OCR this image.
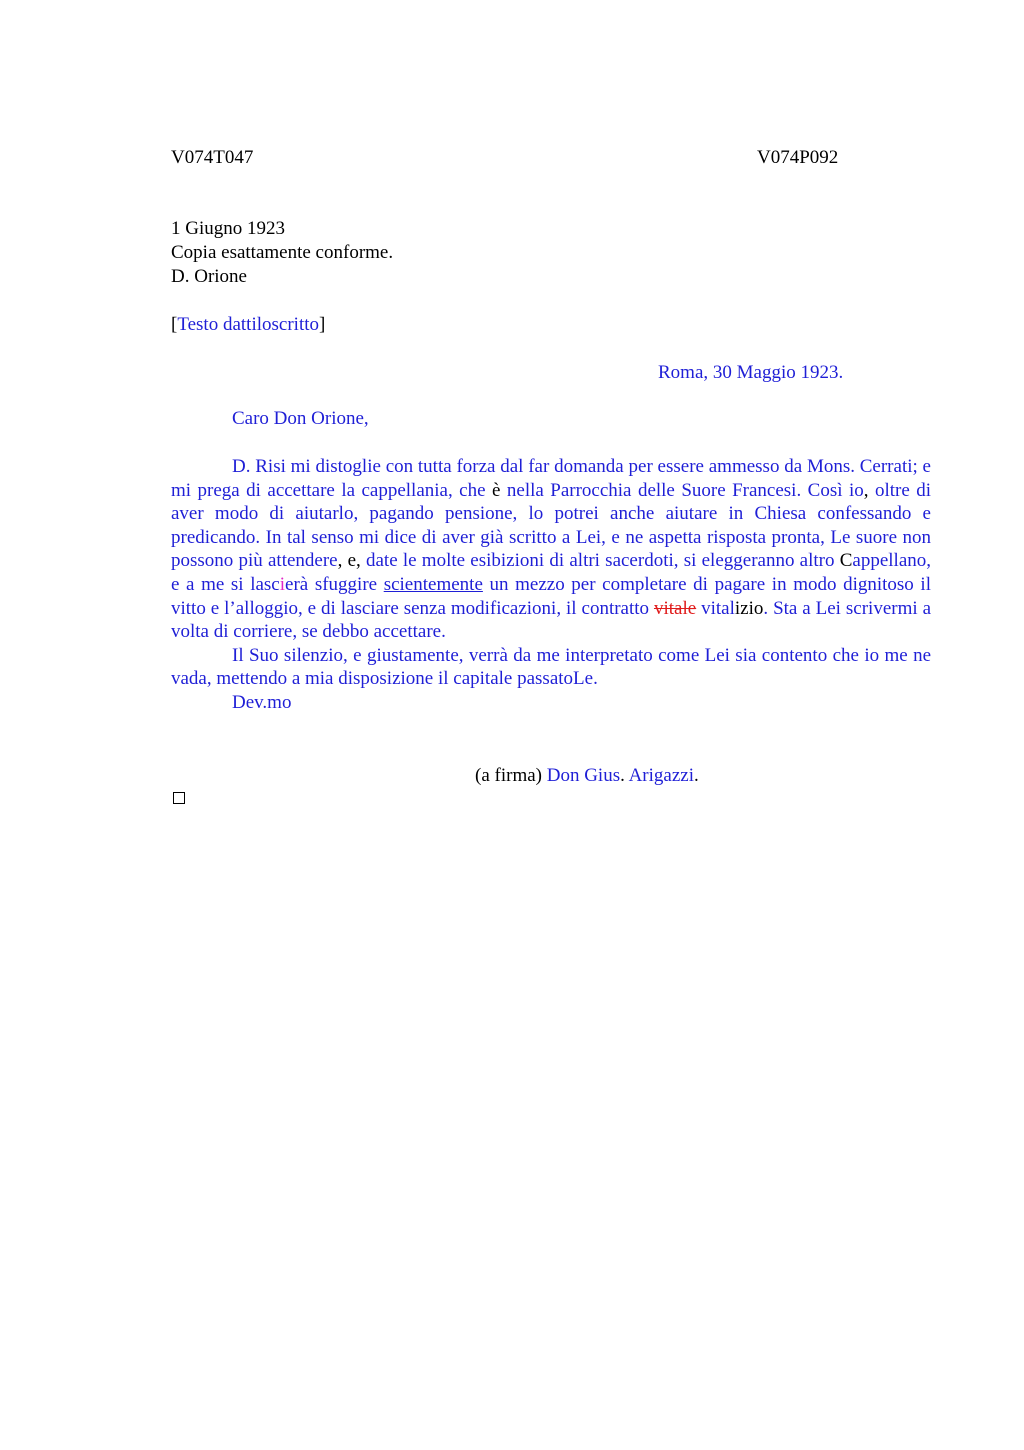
V074T047	V074P092
1 Giugno 1923
Copia esattamente conforme.
D. Orione
[Testo dattiloscritto]
Roma, 30 Maggio 1923.
Caro Don Orione,

D. Risi mi distoglie con tutta forza dal far domanda per essere ammesso da Mons. Cerrati; e mi prega di accettare la cappellania, che è nella Parrocchia delle Suore Francesi. Così io, oltre di aver modo di aiutarlo, pagando pensione, lo potrei anche aiutare in Chiesa confessando e predicando. In tal senso mi dice di aver già scritto a Lei, e ne aspetta risposta pronta, Le suore non possono più attendere, e, date le molte esibizioni di altri sacerdoti, si eleggeranno altro Cappellano, e a me si lascierà sfuggire scientemente un mezzo per completare di pagare in modo dignitoso il vitto e l’alloggio, e di lasciare senza modificazioni, il contratto vitale vitalizio. Sta a Lei scrivermi a volta di corriere, se debbo accettare.

Il Suo silenzio, e giustamente, verrà da me interpretato come Lei sia contento che io me ne vada, mettendo a mia disposizione il capitale passatoLe.

Dev.mo

(a firma) Don Gius. Arigazzi.
